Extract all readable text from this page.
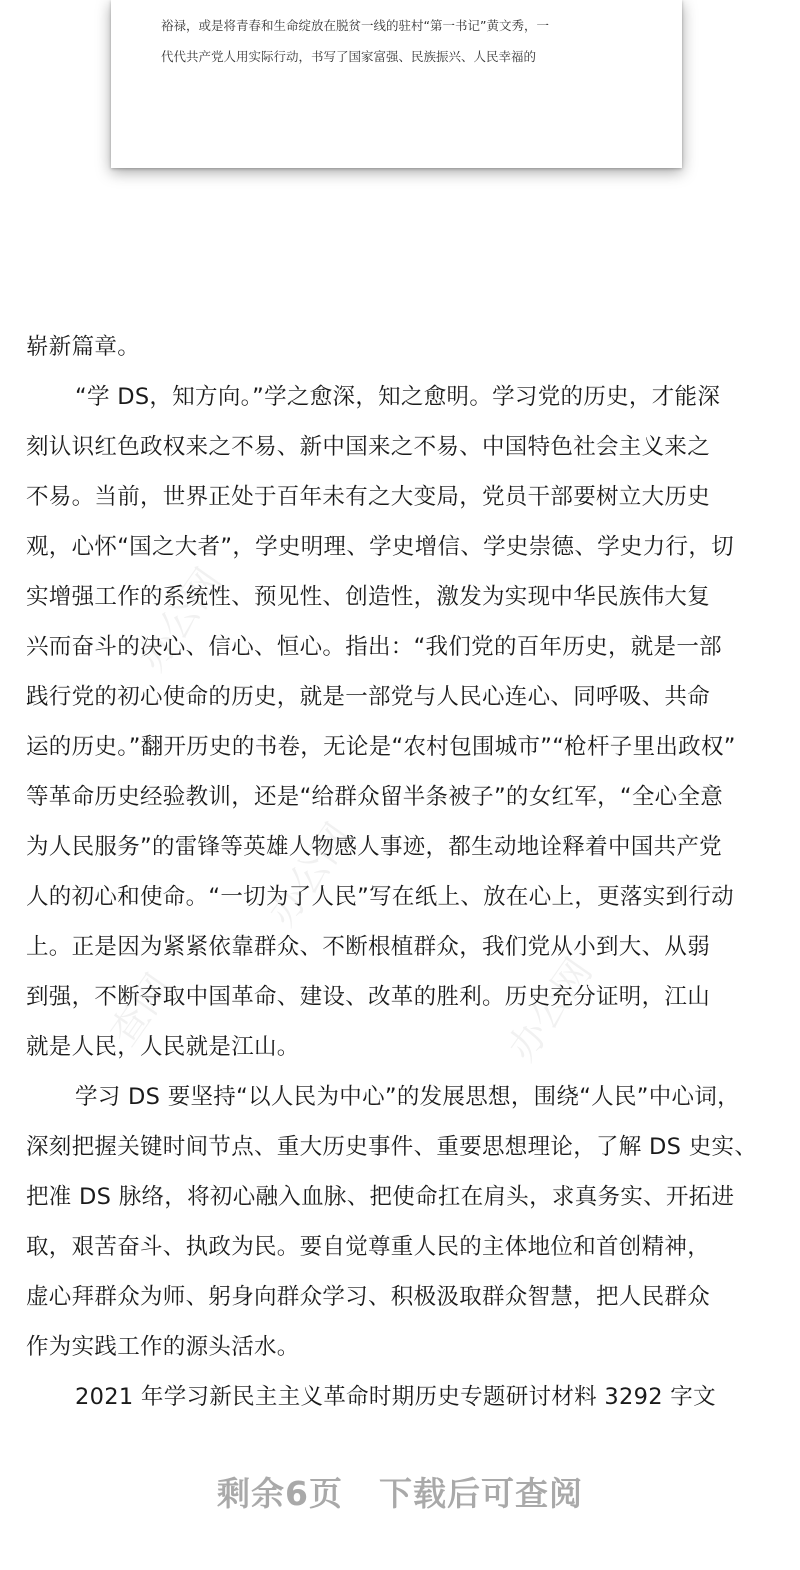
裕禄，或是将青春和生命绽放在脱贫一线的驻村“第一书记”黄文秀，一
代代共产党人用实际行动，书写了国家富强、民族振兴、人民幸福的
办公网
办公网
查网	办公网

崭新篇章。

“学 DS，知方向。”学之愈深，知之愈明。学习党的历史，才能深

刻认识红色政权来之不易、新中国来之不易、中国特色社会主义来之

不易。当前，世界正处于百年未有之大变局，党员干部要树立大历史

观，心怀“国之大者”，学史明理、学史增信、学史崇德、学史力行，切

实增强工作的系统性、预见性、创造性，激发为实现中华民族伟大复

兴而奋斗的决心、信心、恒心。指出：“我们党的百年历史，就是一部

践行党的初心使命的历史，就是一部党与人民心连心、同呼吸、共命

运的历史。”翻开历史的书卷，无论是“农村包围城市”“枪杆子里出政权”

等革命历史经验教训，还是“给群众留半条被子”的女红军，“全心全意

为人民服务”的雷锋等英雄人物感人事迹，都生动地诠释着中国共产党

人的初心和使命。“一切为了人民”写在纸上、放在心上，更落实到行动

上。正是因为紧紧依靠群众、不断根植群众，我们党从小到大、从弱

到强，不断夺取中国革命、建设、改革的胜利。历史充分证明，江山

就是人民，人民就是江山。

学习 DS 要坚持“以人民为中心”的发展思想，围绕“人民”中心词，

深刻把握关键时间节点、重大历史事件、重要思想理论，了解 DS 史实、

把准 DS 脉络，将初心融入血脉、把使命扛在肩头，求真务实、开拓进

取，艰苦奋斗、执政为民。要自觉尊重人民的主体地位和首创精神，

虚心拜群众为师、躬身向群众学习、积极汲取群众智慧，把人民群众

作为实践工作的源头活水。

2021 年学习新民主主义革命时期历史专题研讨材料 3292 字文

剩余6页 下载后可查阅
